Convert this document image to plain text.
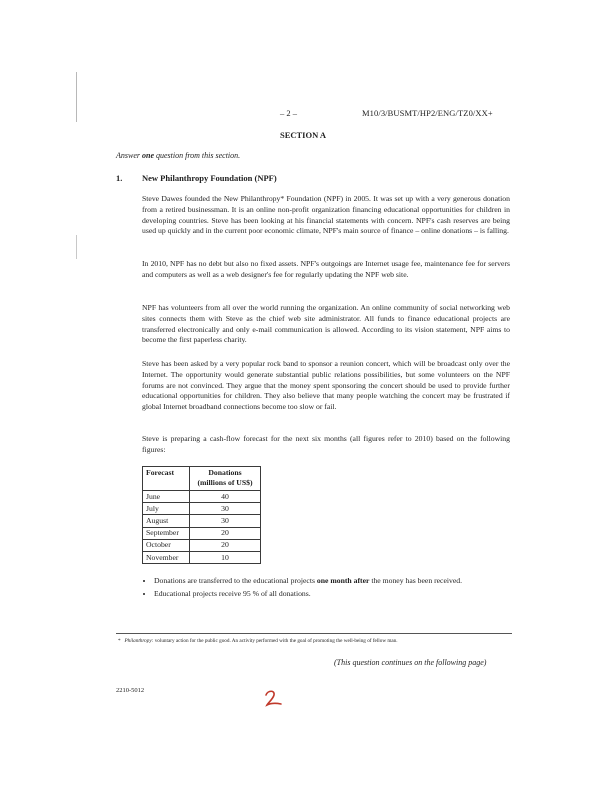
– 2 –	M10/3/BUSMT/HP2/ENG/TZ0/XX+
SECTION A
Answer one question from this section.
1. New Philanthropy Foundation (NPF)

Steve Dawes founded the New Philanthropy* Foundation (NPF) in 2005. It was set up with a very generous donation from a retired businessman. It is an online non-profit organization financing educational opportunities for children in developing countries. Steve has been looking at his financial statements with concern. NPF's cash reserves are being used up quickly and in the current poor economic climate, NPF's main source of finance – online donations – is falling.

In 2010, NPF has no debt but also no fixed assets. NPF's outgoings are Internet usage fee, maintenance fee for servers and computers as well as a web designer's fee for regularly updating the NPF web site.

NPF has volunteers from all over the world running the organization. An online community of social networking web sites connects them with Steve as the chief web site administrator. All funds to finance educational projects are transferred electronically and only e-mail communication is allowed. According to its vision statement, NPF aims to become the first paperless charity.

Steve has been asked by a very popular rock band to sponsor a reunion concert, which will be broadcast only over the Internet. The opportunity would generate substantial public relations possibilities, but some volunteers on the NPF forums are not convinced. They argue that the money spent sponsoring the concert should be used to provide further educational opportunities for children. They also believe that many people watching the concert may be frustrated if global Internet broadband connections become too slow or fail.

Steve is preparing a cash-flow forecast for the next six months (all figures refer to 2010) based on the following figures:

Forecast	Donations
(millions of US$)
June	40
July	30
August	30
September	20
October	20
November	10
• Donations are transferred to the educational projects one month after the money has been received.
• Educational projects receive 95 % of all donations.
* Philanthropy: voluntary action for the public good. An activity performed with the goal of promoting the well-being of fellow man.
(This question continues on the following page)
2210-5012
